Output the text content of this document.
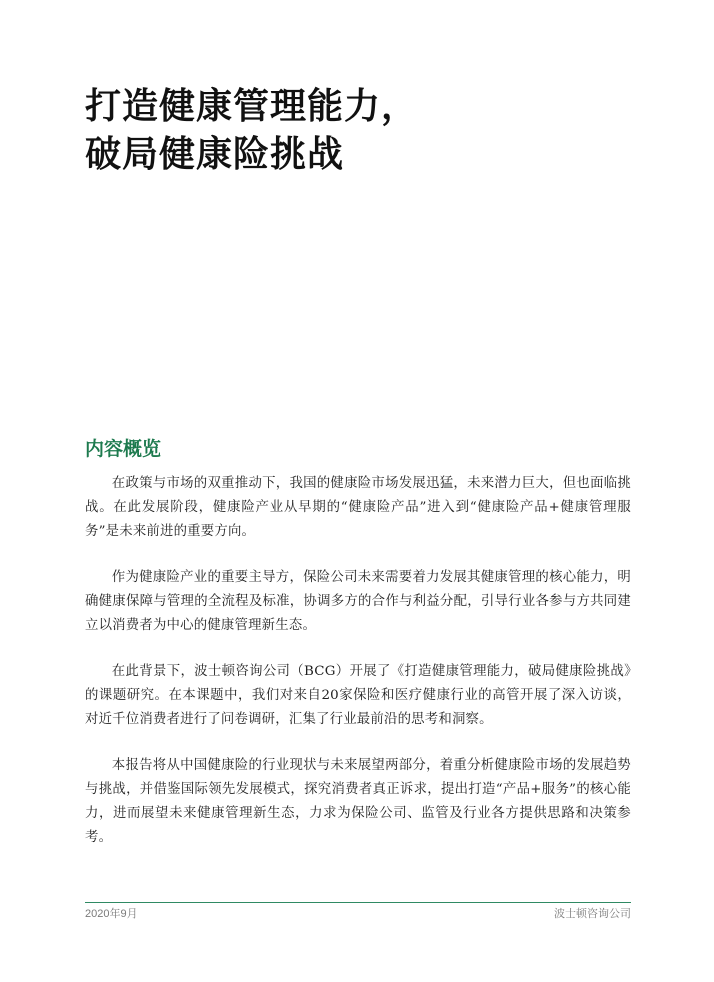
打造健康管理能力，
破局健康险挑战
内容概览

在政策与市场的双重推动下，我国的健康险市场发展迅猛，未来潜力巨大，但也面临挑战。在此发展阶段，健康险产业从早期的“健康险产品”进入到“健康险产品+健康管理服务”是未来前进的重要方向。

作为健康险产业的重要主导方，保险公司未来需要着力发展其健康管理的核心能力，明确健康保障与管理的全流程及标准，协调多方的合作与利益分配，引导行业各参与方共同建立以消费者为中心的健康管理新生态。

在此背景下，波士顿咨询公司（BCG）开展了《打造健康管理能力，破局健康险挑战》的课题研究。在本课题中，我们对来自20家保险和医疗健康行业的高管开展了深入访谈，对近千位消费者进行了问卷调研，汇集了行业最前沿的思考和洞察。

本报告将从中国健康险的行业现状与未来展望两部分，着重分析健康险市场的发展趋势与挑战，并借鉴国际领先发展模式，探究消费者真正诉求，提出打造“产品+服务”的核心能力，进而展望未来健康管理新生态，力求为保险公司、监管及行业各方提供思路和决策参考。

2020年9月	波士顿咨询公司
